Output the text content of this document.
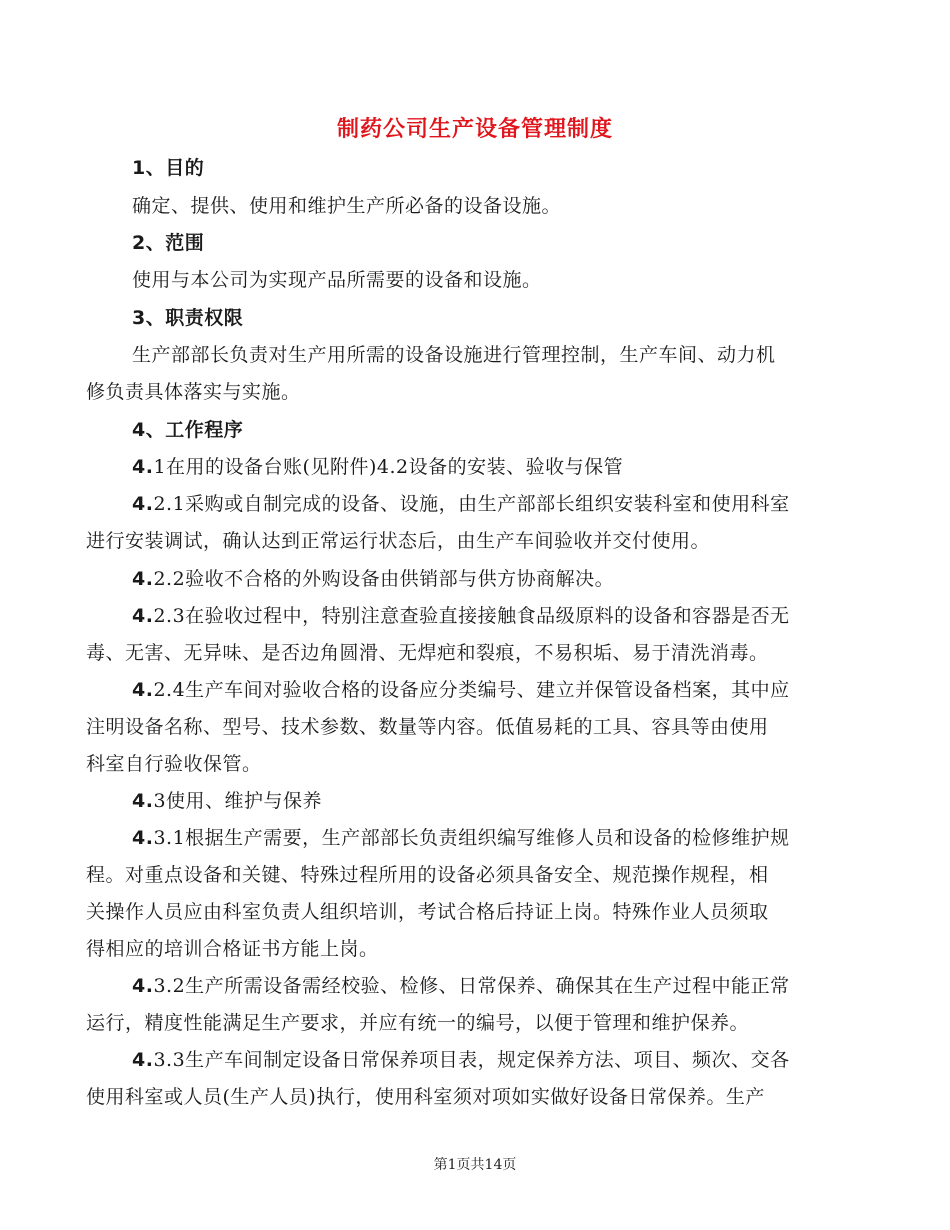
制药公司生产设备管理制度
1、目的
确定、提供、使用和维护生产所必备的设备设施。
2、范围
使用与本公司为实现产品所需要的设备和设施。
3、职责权限
生产部部长负责对生产用所需的设备设施进行管理控制，生产车间、动力机
修负责具体落实与实施。
4、工作程序
4.1在用的设备台账(见附件)4.2设备的安装、验收与保管
4.2.1采购或自制完成的设备、设施，由生产部部长组织安装科室和使用科室
进行安装调试，确认达到正常运行状态后，由生产车间验收并交付使用。
4.2.2验收不合格的外购设备由供销部与供方协商解决。
4.2.3在验收过程中，特别注意查验直接接触食品级原料的设备和容器是否无
毒、无害、无异味、是否边角圆滑、无焊疤和裂痕，不易积垢、易于清洗消毒。
4.2.4生产车间对验收合格的设备应分类编号、建立并保管设备档案，其中应
注明设备名称、型号、技术参数、数量等内容。低值易耗的工具、容具等由使用
科室自行验收保管。
4.3使用、维护与保养
4.3.1根据生产需要，生产部部长负责组织编写维修人员和设备的检修维护规
程。对重点设备和关键、特殊过程所用的设备必须具备安全、规范操作规程，相
关操作人员应由科室负责人组织培训，考试合格后持证上岗。特殊作业人员须取
得相应的培训合格证书方能上岗。
4.3.2生产所需设备需经校验、检修、日常保养、确保其在生产过程中能正常
运行，精度性能满足生产要求，并应有统一的编号，以便于管理和维护保养。
4.3.3生产车间制定设备日常保养项目表，规定保养方法、项目、频次、交各
使用科室或人员(生产人员)执行，使用科室须对项如实做好设备日常保养。生产
第1页共14页
